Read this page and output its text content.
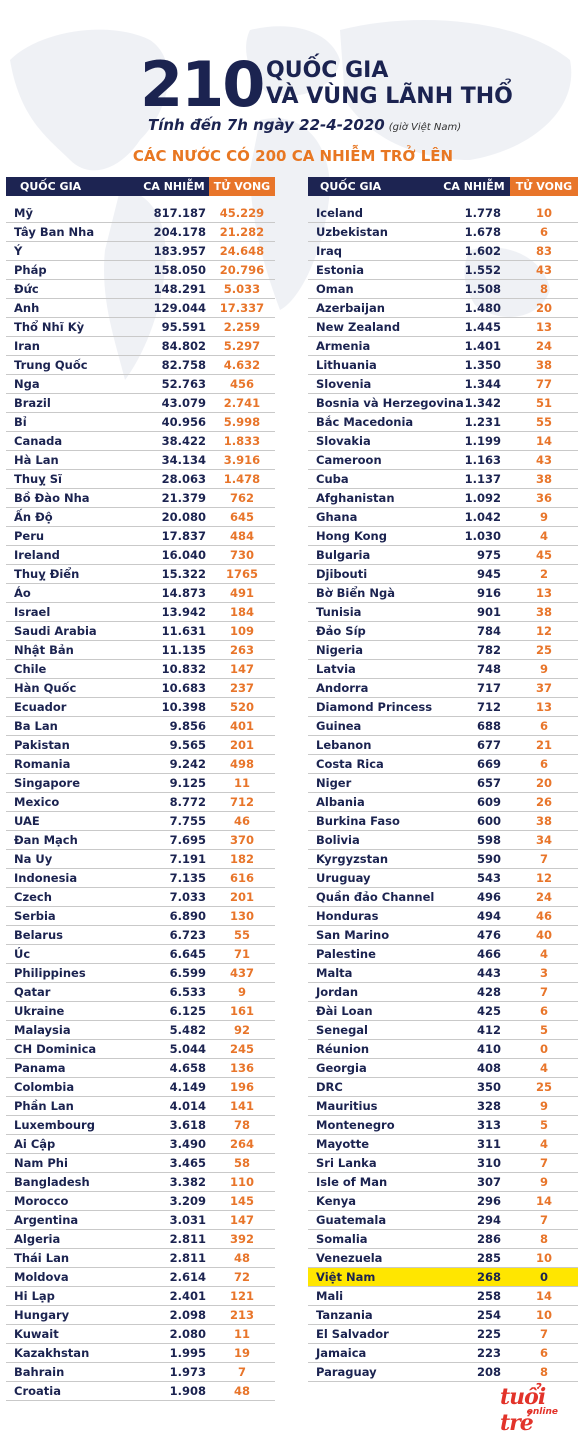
210 QUỐC GIA
VÀ VÙNG LÃNH THỔ
Tính đến 7h ngày 22-4-2020 (giờ Việt Nam)
CÁC NƯỚC CÓ 200 CA NHIỄM TRỞ LÊN
QUỐC GIA	CA NHIỄM TỬ VONG	QUỐC GIA	CA NHIỄM	TỬ VONG
Mỹ	817.187	45.229
Tây Ban Nha	204.178	21.282
Ý	183.957	24.648
Pháp	158.050	20.796
Đức	148.291	5.033
Anh	129.044	17.337
Thổ Nhĩ Kỳ	95.591	2.259
Iran	84.802	5.297
Trung Quốc	82.758	4.632
Nga	52.763	456
Brazil	43.079	2.741
Bỉ	40.956	5.998
Canada	38.422	1.833
Hà Lan	34.134	3.916
Thuỵ Sĩ	28.063	1.478
Bồ Đào Nha	21.379	762
Ấn Độ	20.080	645
Peru	17.837	484
Ireland	16.040	730
Thuỵ Điển	15.322	1765
Áo	14.873	491
Israel	13.942	184
Saudi Arabia	11.631	109
Nhật Bản	11.135	263
Chile	10.832	147
Hàn Quốc	10.683	237
Ecuador	10.398	520
Ba Lan	9.856	401
Pakistan	9.565	201
Romania	9.242	498
Singapore	9.125	11
Mexico	8.772	712
UAE	7.755	46
Đan Mạch	7.695	370
Na Uy	7.191	182
Indonesia	7.135	616
Czech	7.033	201
Serbia	6.890	130
Belarus	6.723	55
Úc	6.645	71
Philippines	6.599	437
Qatar	6.533	9
Ukraine	6.125	161
Malaysia	5.482	92
CH Dominica	5.044	245
Panama	4.658	136
Colombia	4.149	196
Phần Lan	4.014	141
Luxembourg	3.618	78
Ai Cập	3.490	264
Nam Phi	3.465	58
Bangladesh	3.382	110
Morocco	3.209	145
Argentina	3.031	147
Algeria	2.811	392
Thái Lan	2.811	48
Moldova	2.614	72
Hi Lạp	2.401	121
Hungary	2.098	213
Kuwait	2.080	11
Kazakhstan	1.995	19
Bahrain	1.973	7
Croatia	1.908	48
Iceland	1.778	10
Uzbekistan	1.678	6
Iraq	1.602	83
Estonia	1.552	43
Oman	1.508	8
Azerbaijan	1.480	20
New Zealand	1.445	13
Armenia	1.401	24
Lithuania	1.350	38
Slovenia	1.344	77
Bosnia và Herzegovina 1.342	51
Bắc Macedonia	1.231	55
Slovakia	1.199	14
Cameroon	1.163	43
Cuba	1.137	38
Afghanistan	1.092	36
Ghana	1.042	9
Hong Kong	1.030	4
Bulgaria	975	45
Djibouti	945	2
Bờ Biển Ngà	916	13
Tunisia	901	38
Đảo Síp	784	12
Nigeria	782	25
Latvia	748	9
Andorra	717	37
Diamond Princess	712	13
Guinea	688	6
Lebanon	677	21
Costa Rica	669	6
Niger	657	20
Albania	609	26
Burkina Faso	600	38
Bolivia	598	34
Kyrgyzstan	590	7
Uruguay	543	12
Quần đảo Channel	496	24
Honduras	494	46
San Marino	476	40
Palestine	466	4
Malta	443	3
Jordan	428	7
Đài Loan	425	6
Senegal	412	5
Réunion	410	0
Georgia	408	4
DRC	350	25
Mauritius	328	9
Montenegro	313	5
Mayotte	311	4
Sri Lanka	310	7
Isle of Man	307	9
Kenya	296	14
Guatemala	294	7
Somalia	286	8
Venezuela	285	10
Việt Nam	268	0
Mali	258	14
Tanzania	254	10
El Salvador	225	7
Jamaica	223	6
Paraguay	208	8
tuổi trẻ
online
